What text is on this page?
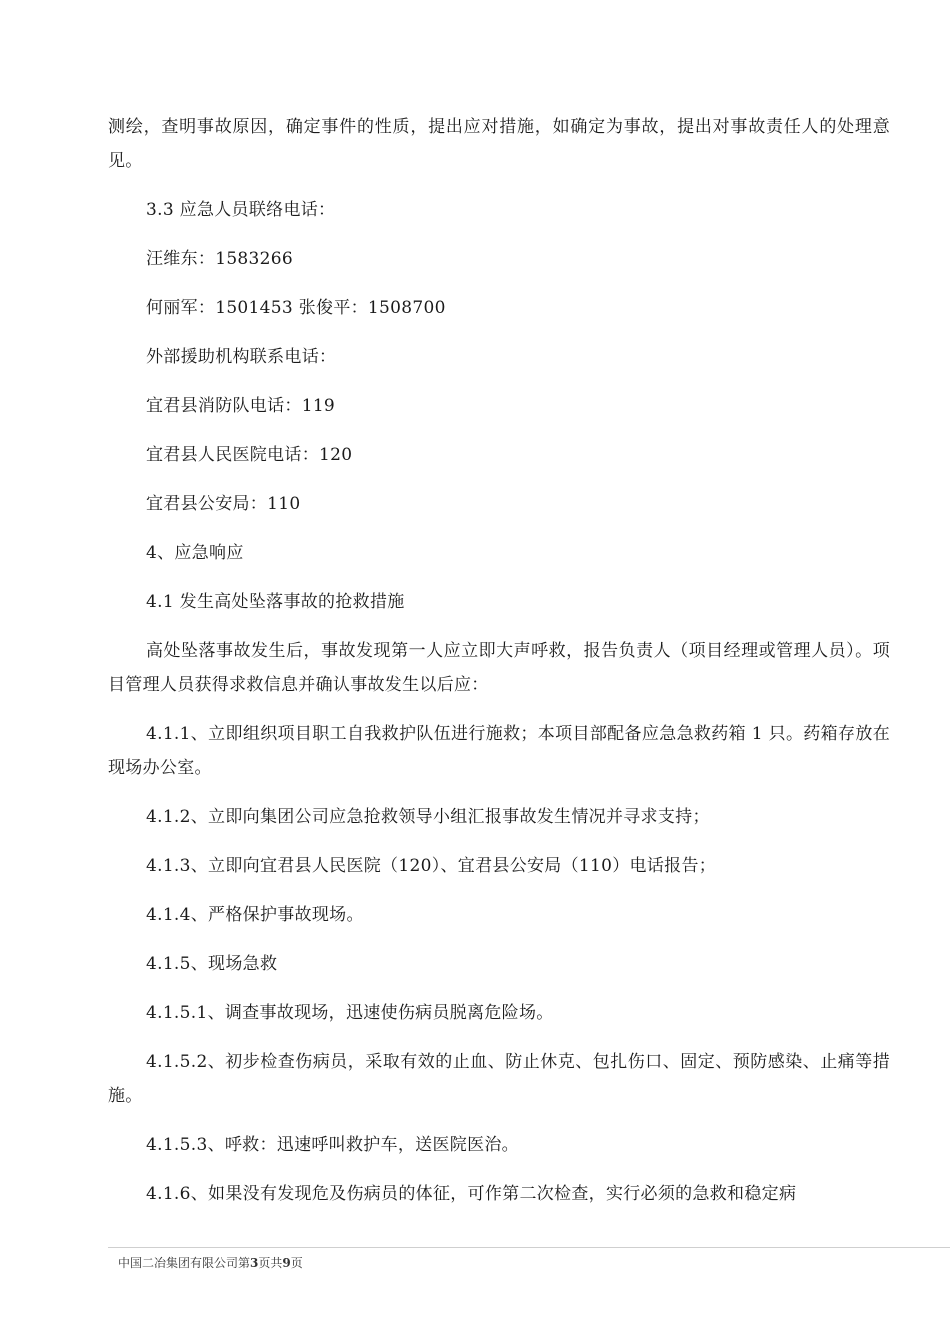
测绘，查明事故原因，确定事件的性质，提出应对措施，如确定为事故，提出对事故责任人的处理意见。

3.3 应急人员联络电话：

汪维东：1583266

何丽军：1501453 张俊平：1508700

外部援助机构联系电话：

宜君县消防队电话：119

宜君县人民医院电话：120

宜君县公安局：110

4、应急响应

4.1 发生高处坠落事故的抢救措施

高处坠落事故发生后，事故发现第一人应立即大声呼救，报告负责人（项目经理或管理人员）。项目管理人员获得求救信息并确认事故发生以后应：

4.1.1、立即组织项目职工自我救护队伍进行施救；本项目部配备应急急救药箱 1 只。药箱存放在现场办公室。

4.1.2、立即向集团公司应急抢救领导小组汇报事故发生情况并寻求支持；

4.1.3、立即向宜君县人民医院（120）、宜君县公安局（110）电话报告；

4.1.4、严格保护事故现场。

4.1.5、现场急救

4.1.5.1、调查事故现场，迅速使伤病员脱离危险场。

4.1.5.2、初步检查伤病员，采取有效的止血、防止休克、包扎伤口、固定、预防感染、止痛等措施。

4.1.5.3、呼救：迅速呼叫救护车，送医院医治。

4.1.6、如果没有发现危及伤病员的体征，可作第二次检查，实行必须的急救和稳定病

中国二冶集团有限公司第3页共9页
